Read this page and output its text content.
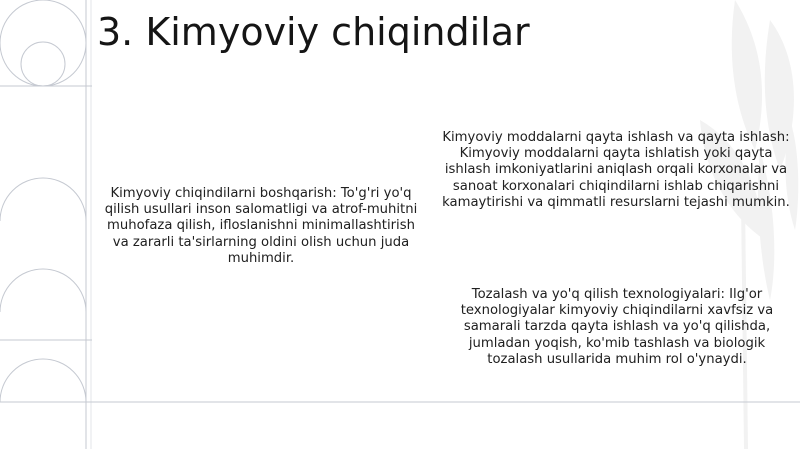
3. Kimyoviy chiqindilar

Kimyoviy chiqindilarni boshqarish: To'g'ri yo'q qilish usullari inson salomatligi va atrof-muhitni muhofaza qilish, ifloslanishni minimallashtirish va zararli ta'sirlarning oldini olish uchun juda muhimdir.

Kimyoviy moddalarni qayta ishlash va qayta ishlash: Kimyoviy moddalarni qayta ishlatish yoki qayta ishlash imkoniyatlarini aniqlash orqali korxonalar va sanoat korxonalari chiqindilarni ishlab chiqarishni kamaytirishi va qimmatli resurslarni tejashi mumkin.

Tozalash va yo'q qilish texnologiyalari: Ilg'or texnologiyalar kimyoviy chiqindilarni xavfsiz va samarali tarzda qayta ishlash va yo'q qilishda, jumladan yoqish, ko'mib tashlash va biologik tozalash usullarida muhim rol o'ynaydi.
